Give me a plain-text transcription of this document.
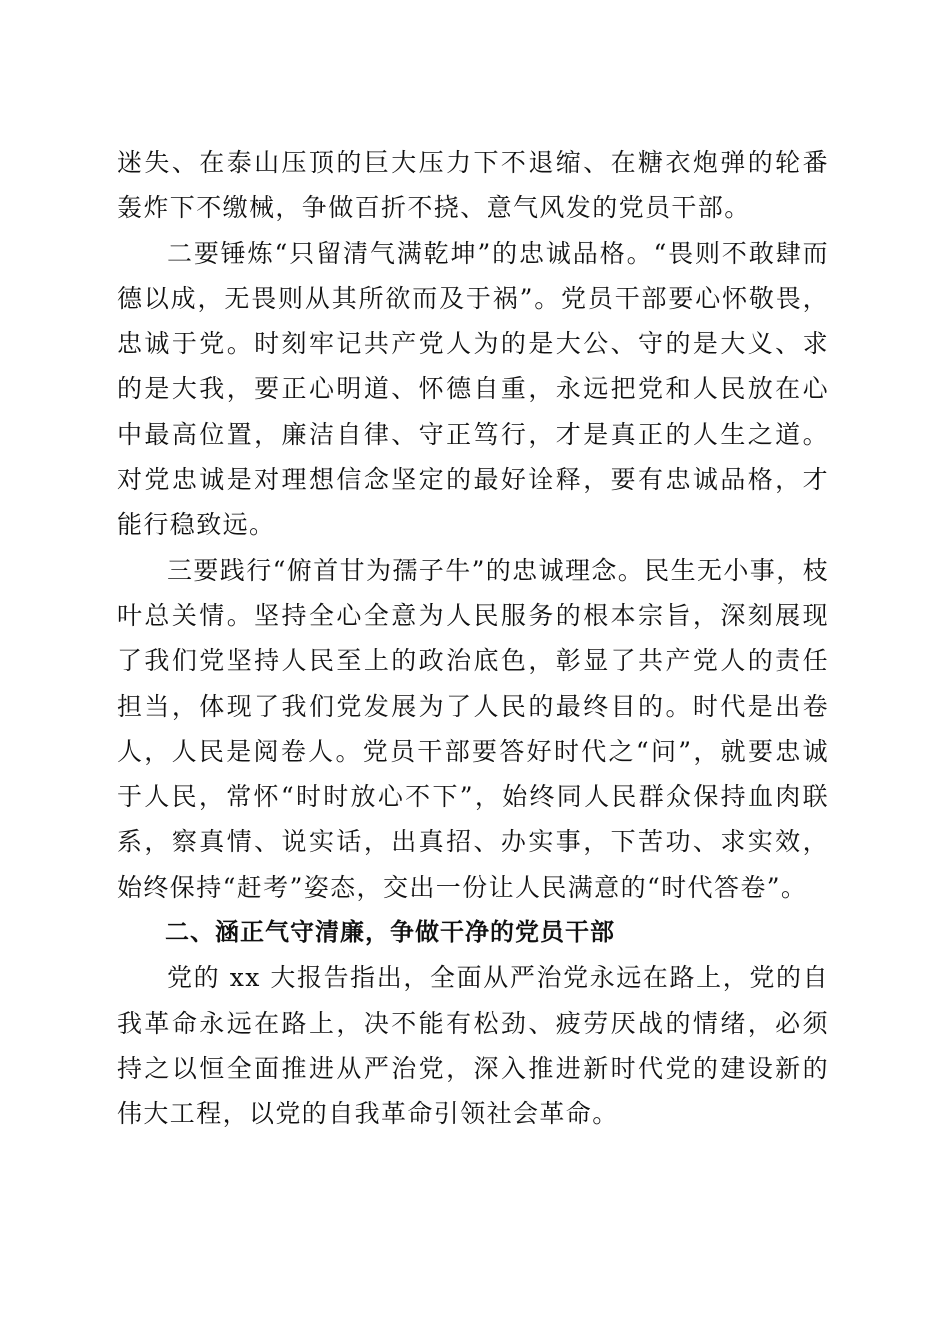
迷失、在泰山压顶的巨大压力下不退缩、在糖衣炮弹的轮番轰炸下不缴械，争做百折不挠、意气风发的党员干部。

二要锤炼“只留清气满乾坤”的忠诚品格。“畏则不敢肆而德以成，无畏则从其所欲而及于祸”。党员干部要心怀敬畏，忠诚于党。时刻牢记共产党人为的是大公、守的是大义、求的是大我，要正心明道、怀德自重，永远把党和人民放在心中最高位置，廉洁自律、守正笃行，才是真正的人生之道。对党忠诚是对理想信念坚定的最好诠释，要有忠诚品格，才能行稳致远。

三要践行“俯首甘为孺子牛”的忠诚理念。民生无小事，枝叶总关情。坚持全心全意为人民服务的根本宗旨，深刻展现了我们党坚持人民至上的政治底色，彰显了共产党人的责任担当，体现了我们党发展为了人民的最终目的。时代是出卷人，人民是阅卷人。党员干部要答好时代之“问”，就要忠诚于人民，常怀“时时放心不下”，始终同人民群众保持血肉联系，察真情、说实话，出真招、办实事，下苦功、求实效，始终保持“赶考”姿态，交出一份让人民满意的“时代答卷”。

二、涵正气守清廉，争做干净的党员干部

党的 xx 大报告指出，全面从严治党永远在路上，党的自我革命永远在路上，决不能有松劲、疲劳厌战的情绪，必须持之以恒全面推进从严治党，深入推进新时代党的建设新的伟大工程，以党的自我革命引领社会革命。
